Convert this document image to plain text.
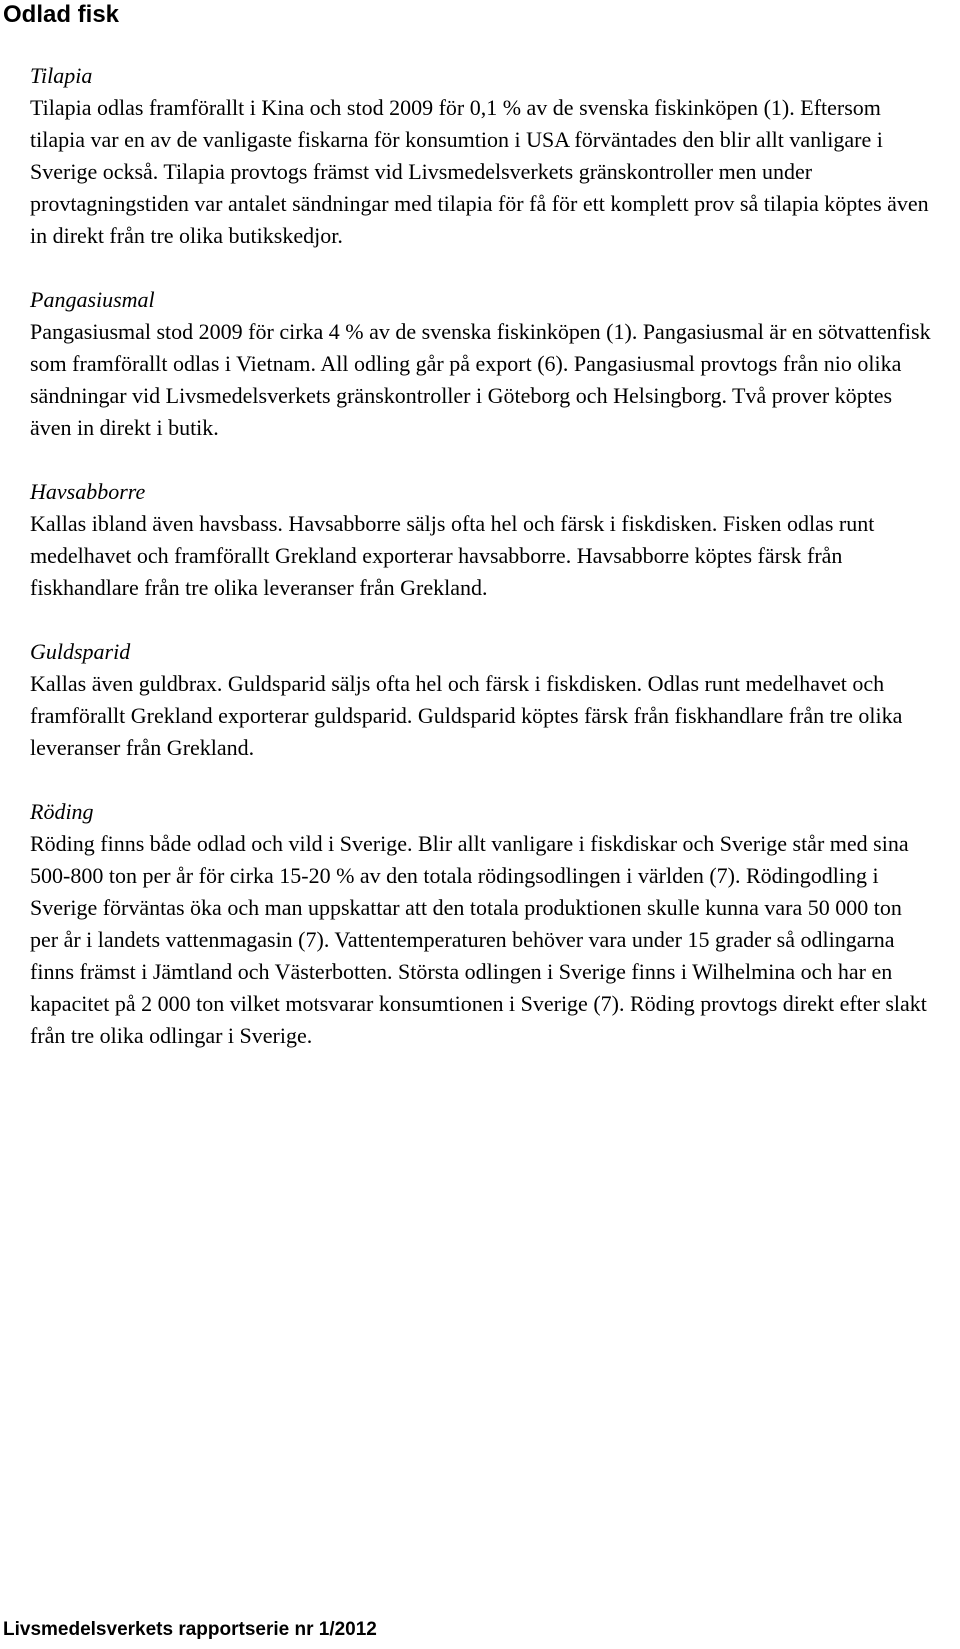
Odlad fisk

Tilapia

Tilapia odlas framförallt i Kina och stod 2009 för 0,1 % av de svenska fiskinköpen (1). Eftersom tilapia var en av de vanligaste fiskarna för konsumtion i USA förväntades den blir allt vanligare i Sverige också. Tilapia provtogs främst vid Livsmedelsverkets gränskontroller men under provtagningstiden var antalet sändningar med tilapia för få för ett komplett prov så tilapia köptes även in direkt från tre olika butikskedjor.

Pangasiusmal

Pangasiusmal stod 2009 för cirka 4 % av de svenska fiskinköpen (1). Pangasiusmal är en sötvattenfisk som framförallt odlas i Vietnam. All odling går på export (6). Pangasiusmal provtogs från nio olika sändningar vid Livsmedelsverkets gränskontroller i Göteborg och Helsingborg. Två prover köptes även in direkt i butik.

Havsabborre

Kallas ibland även havsbass. Havsabborre säljs ofta hel och färsk i fiskdisken. Fisken odlas runt medelhavet och framförallt Grekland exporterar havsabborre. Havsabborre köptes färsk från fiskhandlare från tre olika leveranser från Grekland.

Guldsparid

Kallas även guldbrax. Guldsparid säljs ofta hel och färsk i fiskdisken. Odlas runt medelhavet och framförallt Grekland exporterar guldsparid. Guldsparid köptes färsk från fiskhandlare från tre olika leveranser från Grekland.

Röding

Röding finns både odlad och vild i Sverige. Blir allt vanligare i fiskdiskar och Sverige står med sina 500-800 ton per år för cirka 15-20 % av den totala rödingsodlingen i världen (7). Rödingodling i Sverige förväntas öka och man uppskattar att den totala produktionen skulle kunna vara 50 000 ton per år i landets vattenmagasin (7). Vattentemperaturen behöver vara under 15 grader så odlingarna finns främst i Jämtland och Västerbotten. Största odlingen i Sverige finns i Wilhelmina och har en kapacitet på 2 000 ton vilket motsvarar konsumtionen i Sverige (7). Röding provtogs direkt efter slakt från tre olika odlingar i Sverige.

Livsmedelsverkets rapportserie nr 1/2012
